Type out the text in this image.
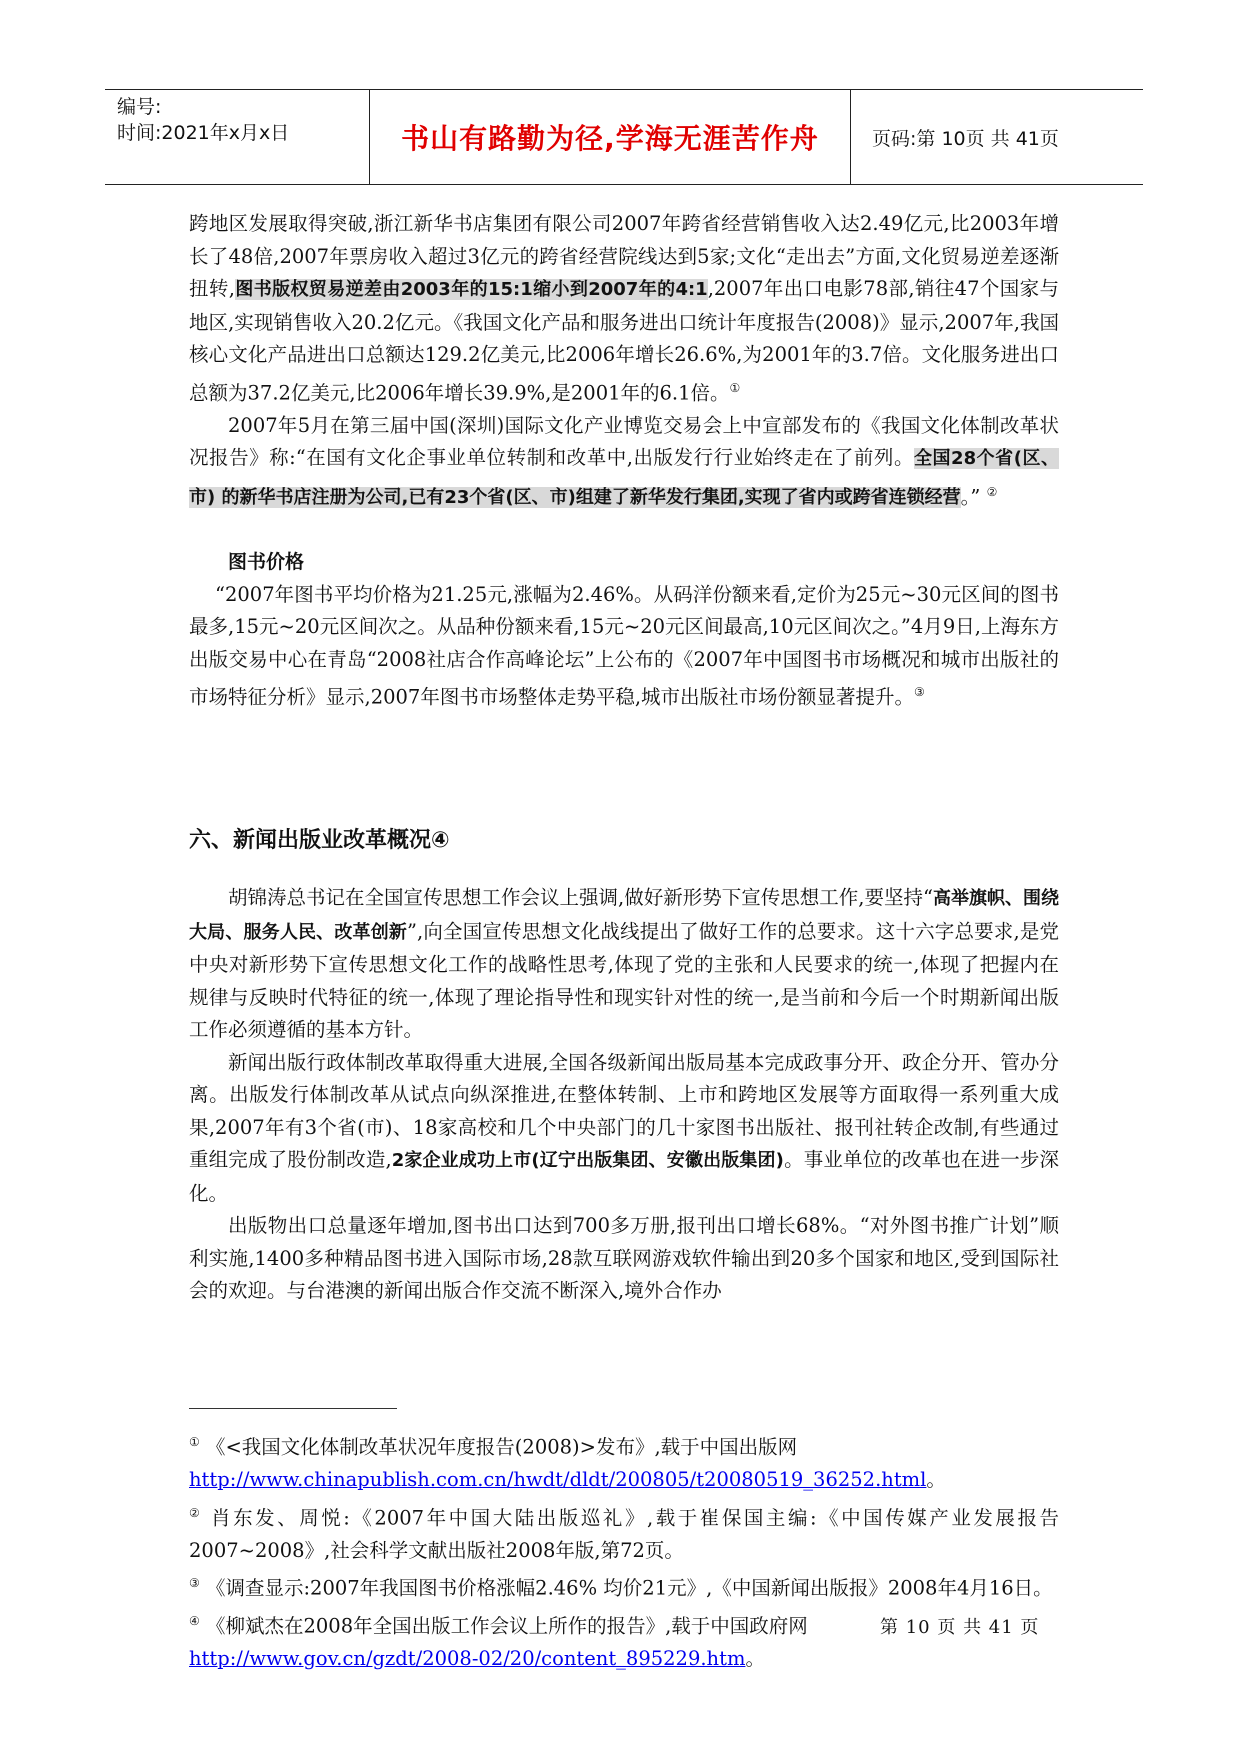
编号:
时间:2021年x月x日	书山有路勤为径,学海无涯苦作舟	页码:第 10页 共 41页

跨地区发展取得突破,浙江新华书店集团有限公司2007年跨省经营销售收入达2.49亿元,比2003年增长了48倍,2007年票房收入超过3亿元的跨省经营院线达到5家;文化“走出去”方面,文化贸易逆差逐渐扭转,图书版权贸易逆差由2003年的15:1缩小到2007年的4:1,2007年出口电影78部,销往47个国家与地区,实现销售收入20.2亿元。《我国文化产品和服务进出口统计年度报告(2008)》显示,2007年,我国核心文化产品进出口总额达129.2亿美元,比2006年增长26.6%,为2001年的3.7倍。文化服务进出口总额为37.2亿美元,比2006年增长39.9%,是2001年的6.1倍。①

2007年5月在第三届中国(深圳)国际文化产业博览交易会上中宣部发布的《我国文化体制改革状况报告》称:“在国有文化企事业单位转制和改革中,出版发行行业始终走在了前列。全国28个省(区、市) 的新华书店注册为公司,已有23个省(区、市)组建了新华发行集团,实现了省内或跨省连锁经营。” ②

图书价格

“2007年图书平均价格为21.25元,涨幅为2.46%。从码洋份额来看,定价为25元~30元区间的图书最多,15元~20元区间次之。从品种份额来看,15元~20元区间最高,10元区间次之。”4月9日,上海东方出版交易中心在青岛“2008社店合作高峰论坛”上公布的《2007年中国图书市场概况和城市出版社的市场特征分析》显示,2007年图书市场整体走势平稳,城市出版社市场份额显著提升。③

六、新闻出版业改革概况④

胡锦涛总书记在全国宣传思想工作会议上强调,做好新形势下宣传思想工作,要坚持“高举旗帜、围绕大局、服务人民、改革创新”,向全国宣传思想文化战线提出了做好工作的总要求。这十六字总要求,是党中央对新形势下宣传思想文化工作的战略性思考,体现了党的主张和人民要求的统一,体现了把握内在规律与反映时代特征的统一,体现了理论指导性和现实针对性的统一,是当前和今后一个时期新闻出版工作必须遵循的基本方针。

新闻出版行政体制改革取得重大进展,全国各级新闻出版局基本完成政事分开、政企分开、管办分离。出版发行体制改革从试点向纵深推进,在整体转制、上市和跨地区发展等方面取得一系列重大成果,2007年有3个省(市)、18家高校和几个中央部门的几十家图书出版社、报刊社转企改制,有些通过重组完成了股份制改造,2家企业成功上市(辽宁出版集团、安徽出版集团)。事业单位的改革也在进一步深化。

出版物出口总量逐年增加,图书出口达到700多万册,报刊出口增长68%。“对外图书推广计划”顺利实施,1400多种精品图书进入国际市场,28款互联网游戏软件输出到20多个国家和地区,受到国际社会的欢迎。与台港澳的新闻出版合作交流不断深入,境外合作办

① 《<我国文化体制改革状况年度报告(2008)>发布》,载于中国出版网
http://www.chinapublish.com.cn/hwdt/dldt/200805/t20080519_36252.html。

② 肖东发、周悦:《2007年中国大陆出版巡礼》,载于崔保国主编:《中国传媒产业发展报告2007~2008》,社会科学文献出版社2008年版,第72页。

③ 《调查显示:2007年我国图书价格涨幅2.46% 均价21元》,《中国新闻出版报》2008年4月16日。

④ 《柳斌杰在2008年全国出版工作会议上所作的报告》,载于中国政府网
http://www.gov.cn/gzdt/2008-02/20/content_895229.htm。

第 10 页 共 41 页
